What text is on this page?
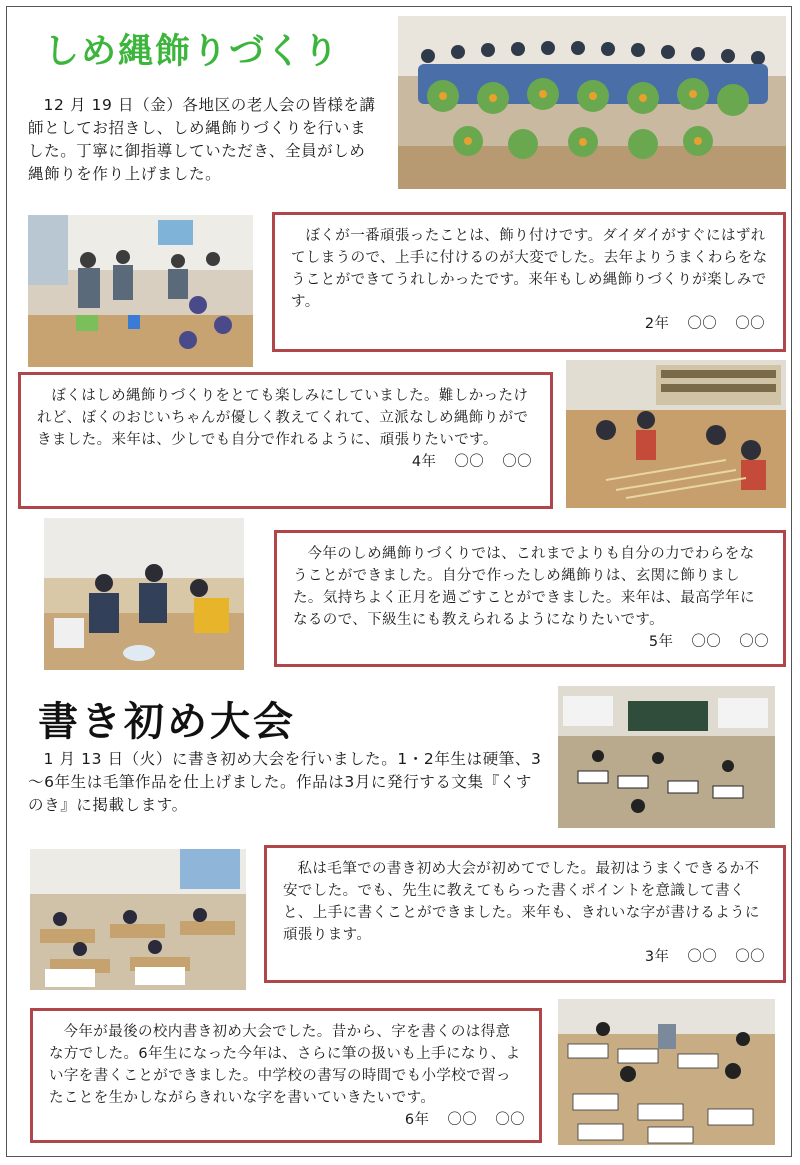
しめ縄飾りづくり

12 月 19 日（金）各地区の老人会の皆様を講師としてお招きし、しめ縄飾りづくりを行いました。丁寧に御指導していただき、全員がしめ縄飾りを作り上げました。

ぼくが一番頑張ったことは、飾り付けです。ダイダイがすぐにはずれてしまうので、上手に付けるのが大変でした。去年よりうまくわらをなうことができてうれしかったです。来年もしめ縄飾りづくりが楽しみです。

2年 〇〇 〇〇

ぼくはしめ縄飾りづくりをとても楽しみにしていました。難しかったけれど、ぼくのおじいちゃんが優しく教えてくれて、立派なしめ縄飾りができました。来年は、少しでも自分で作れるように、頑張りたいです。

4年 〇〇 〇〇

今年のしめ縄飾りづくりでは、これまでよりも自分の力でわらをなうことができました。自分で作ったしめ縄飾りは、玄関に飾りました。気持ちよく正月を過ごすことができました。来年は、最高学年になるので、下級生にも教えられるようになりたいです。
5年 〇〇 〇〇

書き初め大会

1 月 13 日（火）に書き初め大会を行いました。1・2年生は硬筆、3～6年生は毛筆作品を仕上げました。作品は3月に発行する文集『くすのき』に掲載します。

私は毛筆での書き初め大会が初めてでした。最初はうまくできるか不安でした。でも、先生に教えてもらった書くポイントを意識して書くと、上手に書くことができました。来年も、きれいな字が書けるように頑張ります。

3年 〇〇 〇〇

今年が最後の校内書き初め大会でした。昔から、字を書くのは得意な方でした。6年生になった今年は、さらに筆の扱いも上手になり、よい字を書くことができました。中学校の書写の時間でも小学校で習ったことを生かしながらきれいな字を書いていきたいです。
6年 〇〇 〇〇
